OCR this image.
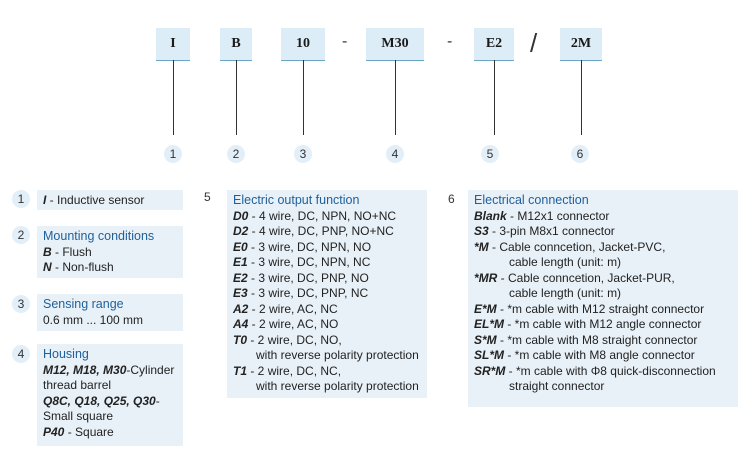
I	B	10	-	M30	-	E2	/	2M
1	2	3	4	5	6
1	I - Inductive sensor
2	Mounting conditions
B - Flush
N - Non-flush
3	Sensing range
0.6 mm ... 100 mm
4	Housing
M12, M18, M30-Cylinder
thread barrel
Q8C, Q18, Q25, Q30-
Small square
P40 - Square
5 Electric output function
D0 - 4 wire, DC, NPN, NO+NC
D2 - 4 wire, DC, PNP, NO+NC
E0 - 3 wire, DC, NPN, NO
E1 - 3 wire, DC, NPN, NC
E2 - 3 wire, DC, PNP, NO
E3 - 3 wire, DC, PNP, NC
A2 - 2 wire, AC, NC
A4 - 2 wire, AC, NO
T0 - 2 wire, DC, NO,
with reverse polarity protection
T1 - 2 wire, DC, NC,
with reverse polarity protection
6 Electrical connection
Blank - M12x1 connector
S3 - 3-pin M8x1 connector
*M - Cable conncetion, Jacket-PVC,
cable length (unit: m)
*MR - Cable conncetion, Jacket-PUR,
cable length (unit: m)
E*M - *m cable with M12 straight connector
EL*M - *m cable with M12 angle connector
S*M - *m cable with M8 straight connector
SL*M - *m cable with M8 angle connector
SR*M - *m cable with Φ8 quick-disconnection
straight connector
